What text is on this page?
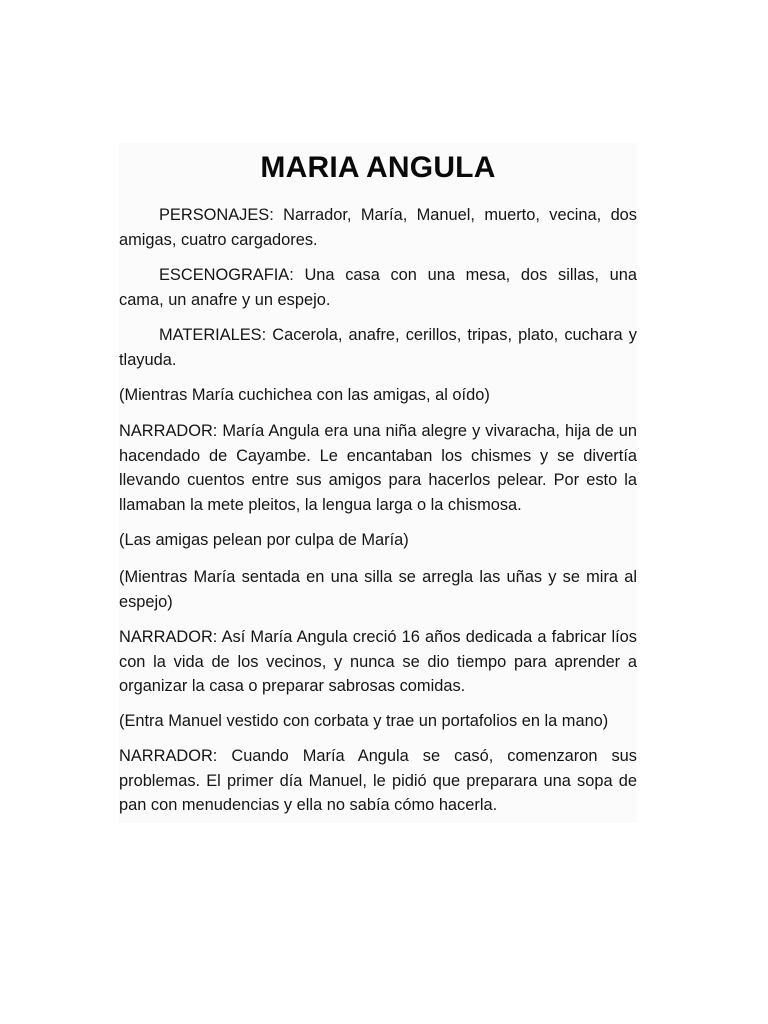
MARIA ANGULA

PERSONAJES: Narrador, María, Manuel, muerto, vecina, dos amigas, cuatro cargadores.

ESCENOGRAFIA: Una casa con una mesa, dos sillas, una cama, un anafre y un espejo.

MATERIALES: Cacerola, anafre, cerillos, tripas, plato, cuchara y tlayuda.

(Mientras María cuchichea con las amigas, al oído)

NARRADOR: María Angula era una niña alegre y vivaracha, hija de un hacendado de Cayambe. Le encantaban los chismes y se divertía llevando cuentos entre sus amigos para hacerlos pelear. Por esto la llamaban la mete pleitos, la lengua larga o la chismosa.

(Las amigas pelean por culpa de María)

(Mientras María sentada en una silla se arregla las uñas y se mira al espejo)

NARRADOR: Así María Angula creció 16 años dedicada a fabricar líos con la vida de los vecinos, y nunca se dio tiempo para aprender a organizar la casa o preparar sabrosas comidas.

(Entra Manuel vestido con corbata y trae un portafolios en la mano)

NARRADOR: Cuando María Angula se casó, comenzaron sus problemas. El primer día Manuel, le pidió que preparara una sopa de pan con menudencias y ella no sabía cómo hacerla.
